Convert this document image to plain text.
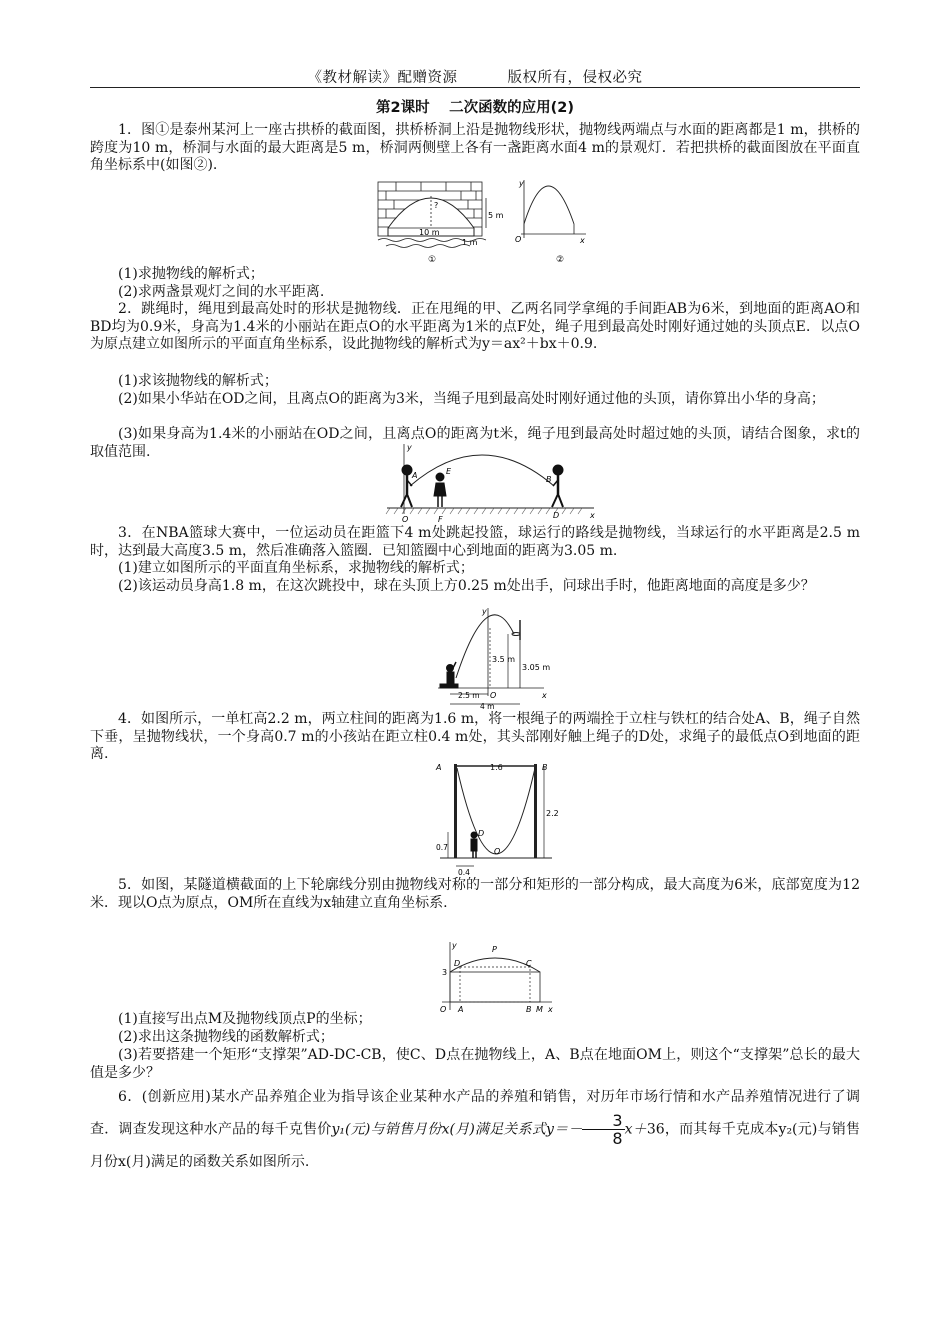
《教材解读》配赠资源	版权所有，侵权必究
第2课时　 二次函数的应用(2)

1．图①是泰州某河上一座古拱桥的截面图，拱桥桥洞上沿是抛物线形状，抛物线两端点与水面的距离都是1 m，拱桥的跨度为10 m，桥洞与水面的最大距离是5 m，桥洞两侧壁上各有一盏距离水面4 m的景观灯．若把拱桥的截面图放在平面直角坐标系中(如图②).

?
10 m
1 m
5 m
①
y
x
O
②

(1)求抛物线的解析式；

(2)求两盏景观灯之间的水平距离.

2．跳绳时，绳甩到最高处时的形状是抛物线．正在甩绳的甲、乙两名同学拿绳的手间距AB为6米，到地面的距离AO和BD均为0.9米，身高为1.4米的小丽站在距点O的水平距离为1米的点F处，绳子甩到最高处时刚好通过她的头顶点E．以点O为原点建立如图所示的平面直角坐标系，设此抛物线的解析式为y＝ax²＋bx＋0.9.

(1)求该抛物线的解析式；

(2)如果小华站在OD之间，且离点O的距离为3米，当绳子甩到最高处时刚好通过他的头顶，请你算出小华的身高；

(3)如果身高为1.4米的小丽站在OD之间，且离点O的距离为t米，绳子甩到最高处时超过她的头顶，请结合图象，求t的取值范围.	y
x
O
A	E
F
B
D

3．在NBA篮球大赛中，一位运动员在距篮下4 m处跳起投篮，球运行的路线是抛物线，当球运行的水平距离是2.5 m时，达到最大高度3.5 m，然后准确落入篮圈．已知篮圈中心到地面的距离为3.05 m.

(1)建立如图所示的平面直角坐标系，求抛物线的解析式；

(2)该运动员身高1.8 m，在这次跳投中，球在头顶上方0.25 m处出手，问球出手时，他距离地面的高度是多少？

y
x
O
3.5 m
3.05 m
2.5 m
4 m

4．如图所示，一单杠高2.2 m，两立柱间的距离为1.6 m，将一根绳子的两端拴于立柱与铁杠的结合处A、B，绳子自然下垂，呈抛物线状，一个身高0.7 m的小孩站在距立柱0.4 m处，其头部刚好触上绳子的D处，求绳子的最低点O到地面的距离.

A	B
1.6
2.2
D
O
0.7
0.4

5．如图，某隧道横截面的上下轮廓线分别由抛物线对称的一部分和矩形的一部分构成，最大高度为6米，底部宽度为12米．现以O点为原点，OM所在直线为x轴建立直角坐标系.

y
x
O
P
D	C
3
A	B M

(1)直接写出点M及抛物线顶点P的坐标；

(2)求出这条抛物线的函数解析式；

(3)若要搭建一个矩形“支撑架”AD-DC-CB，使C、D点在抛物线上，A、B点在地面OM上，则这个“支撑架”总长的最大值是多少？

6．(创新应用)某水产品养殖企业为指导该企业某种水产品的养殖和销售，对历年市场行情和水产品养殖情况进行了调查．调查发现这种水产品的每千克售价y₁(元)与销售月份x(月)满足关系式$y=- \frac{3}{8} x+36$，而其每千克成本y₂(元)与销售月份x(月)满足的函数关系如图所示.
